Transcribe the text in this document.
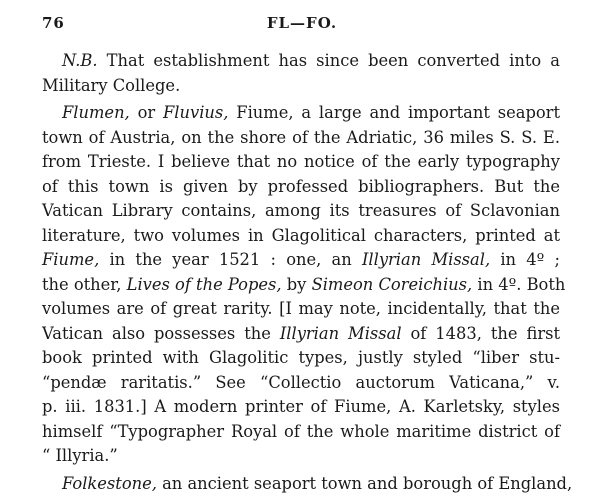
76	FL—FO.
N.B. That establishment has since been converted into a
Military College.
Flumen, or Fluvius, Fiume, a large and important seaport
town of Austria, on the shore of the Adriatic, 36 miles S. S. E.
from Trieste. I believe that no notice of the early typography
of this town is given by professed bibliographers. But the
Vatican Library contains, among its treasures of Sclavonian
literature, two volumes in Glagolitical characters, printed at
Fiume, in the year 1521 : one, an Illyrian Missal, in 4º ;
the other, Lives of the Popes, by Simeon Coreichius, in 4º. Both
volumes are of great rarity. [I may note, incidentally, that the
Vatican also possesses the Illyrian Missal of 1483, the first
book printed with Glagolitic types, justly styled “liber stu-
“pendæ raritatis.” See “Collectio auctorum Vaticana,” v.
p. iii. 1831.] A modern printer of Fiume, A. Karletsky, styles
himself “Typographer Royal of the whole maritime district of
“ Illyria.”
Folkestone, an ancient seaport town and borough of England,
